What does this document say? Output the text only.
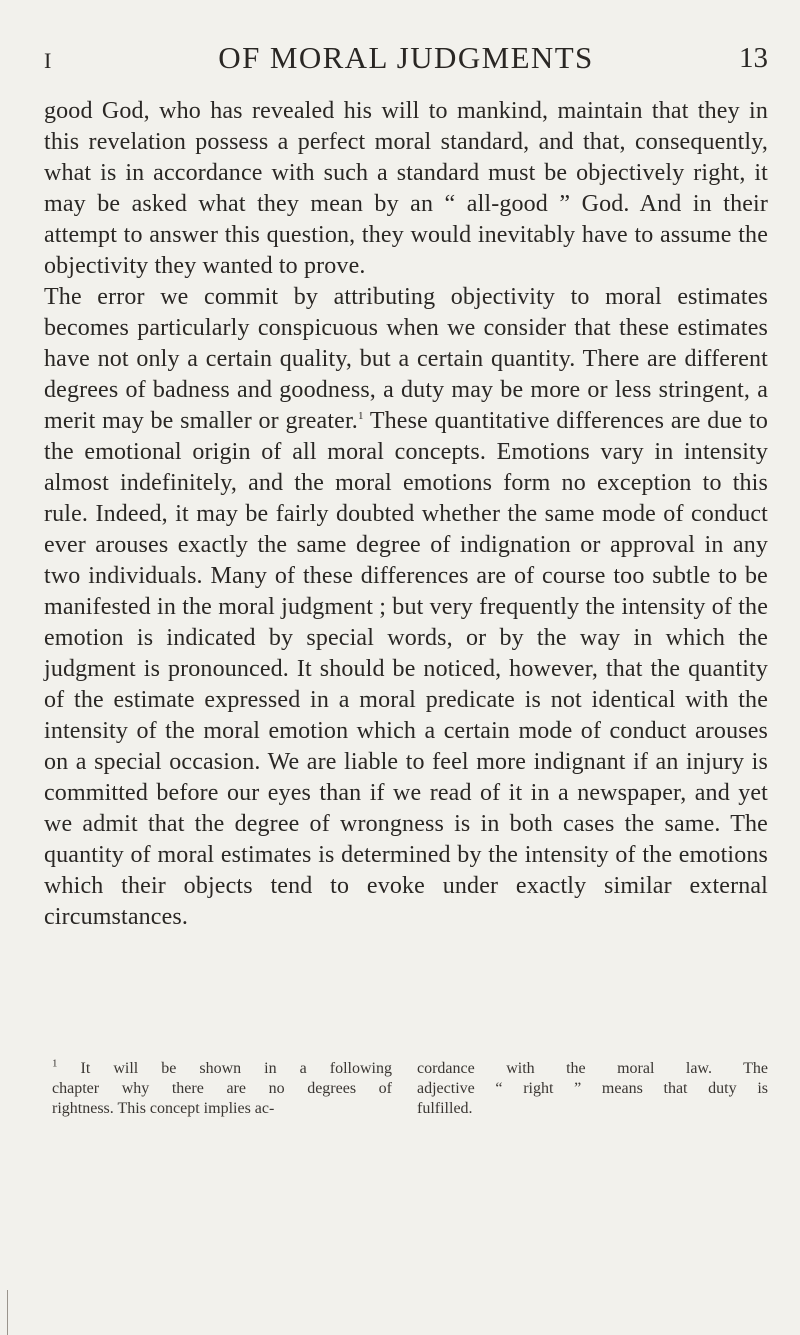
I	OF MORAL JUDGMENTS	13

good God, who has revealed his will to mankind, maintain that they in this revelation possess a perfect moral standard, and that, consequently, what is in accordance with such a standard must be objectively right, it may be asked what they mean by an “ all-good ” God. And in their attempt to answer this question, they would inevitably have to assume the objectivity they wanted to prove.

The error we commit by attributing objectivity to moral estimates becomes particularly conspicuous when we consider that these estimates have not only a certain quality, but a certain quantity. There are different degrees of badness and goodness, a duty may be more or less stringent, a merit may be smaller or greater.$^1$ These quantitative differences are due to the emotional origin of all moral concepts. Emotions vary in intensity almost indefinitely, and the moral emotions form no exception to this rule. Indeed, it may be fairly doubted whether the same mode of conduct ever arouses exactly the same degree of indignation or approval in any two individuals. Many of these differences are of course too subtle to be manifested in the moral judgment ; but very frequently the intensity of the emotion is indicated by special words, or by the way in which the judgment is pronounced. It should be noticed, however, that the quantity of the estimate expressed in a moral predicate is not identical with the intensity of the moral emotion which a certain mode of conduct arouses on a special occasion. We are liable to feel more indignant if an injury is committed before our eyes than if we read of it in a newspaper, and yet we admit that the degree of wrongness is in both cases the same. The quantity of moral estimates is determined by the intensity of the emotions which their objects tend to evoke under exactly similar external circumstances.

$^1$ It will be shown in a following
chapter why there are no degrees of
rightness. This concept implies ac-
cordance with the moral law. The
adjective “ right ” means that duty is
fulfilled.
